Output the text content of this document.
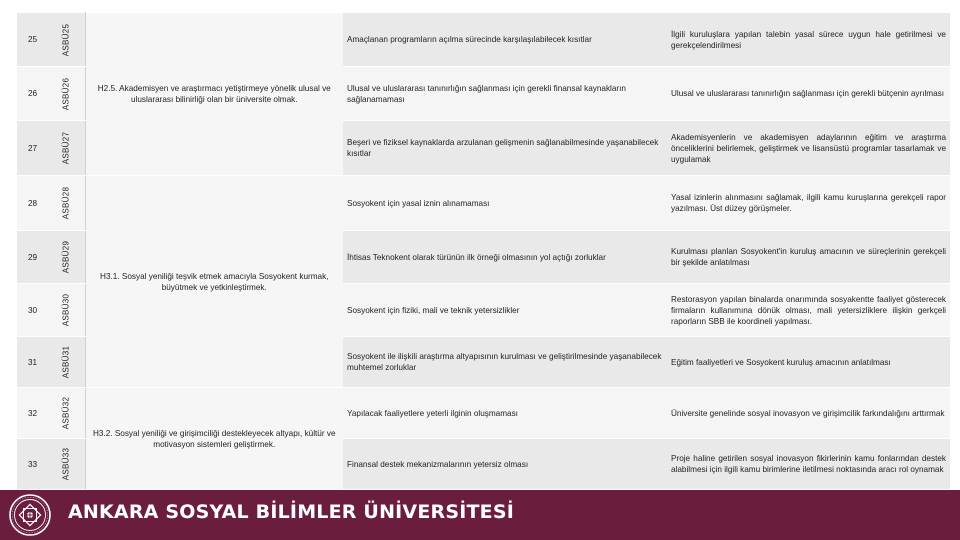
25	ASBÜ25	H2.5. Akademisyen ve araştırmacı yetiştirmeye yönelik ulusal ve uluslararası bilinirliği olan bir üniversite olmak.	Amaçlanan programların açılma sürecinde karşılaşılabilecek kısıtlar	İlgili kuruluşlara yapılan talebin yasal sürece uygun hale getirilmesi ve gerekçelendirilmesi
26	ASBÜ26		Ulusal ve uluslararası tanınırlığın sağlanması için gerekli finansal kaynakların sağlanamaması	Ulusal ve uluslararası tanınırlığın sağlanması için gerekli bütçenin ayrılması
27	ASBÜ27		Beşeri ve fiziksel kaynaklarda arzulanan gelişmenin sağlanabilmesinde yaşanabilecek kısıtlar	Akademisyenlerin ve akademisyen adaylarının eğitim ve araştırma önceliklerini belirlemek, geliştirmek ve lisansüstü programlar tasarlamak ve uygulamak
28	ASBÜ28	H3.1. Sosyal yeniliği teşvik etmek amacıyla Sosyokent kurmak, büyütmek ve yetkinleştirmek.	Sosyokent için yasal iznin alınamaması	Yasal izinlerin alınmasını sağlamak, ilgili kamu kuruşlarına gerekçeli rapor yazılması. Üst düzey görüşmeler.
29	ASBÜ29		İhtisas Teknokent olarak türünün ilk örneği olmasının yol açtığı zorluklar	Kurulması planlan Sosyokent'in kuruluş amacının ve süreçlerinin gerekçeli bir şekilde anlatılması
30	ASBÜ30		Sosyokent için fiziki, mali ve teknik yetersizlikler	Restorasyon yapılan binalarda onarımında sosyakentte faaliyet gösterecek firmaların kullanımına dönük olması, mali yetersizliklere ilişkin gerkçeli raporların SBB ile koordineli yapılması.
31	ASBÜ31		Sosyokent ile ilişkili araştırma altyapısının kurulması ve geliştirilmesinde yaşanabilecek muhtemel zorluklar	Eğitim faaliyetleri ve Sosyokent kuruluş amacının anlatılması
32	ASBÜ32	H3.2. Sosyal yeniliği ve girişimciliği destekleyecek altyapı, kültür ve motivasyon sistemleri geliştirmek.	Yapılacak faaliyetlere yeterli ilginin oluşmaması	Üniversite genelinde sosyal inovasyon ve girişimcilik farkındalığını arttırmak
33	ASBÜ33		Finansal destek mekanizmalarının yetersiz olması	Proje haline getirilen sosyal inovasyon fikirlerinin kamu fonlarından destek alabilmesi için ilgili kamu birimlerine iletilmesi noktasında aracı rol oynamak
ANKARA SOSYAL BİLİMLER ÜNİVERSİTESİ
